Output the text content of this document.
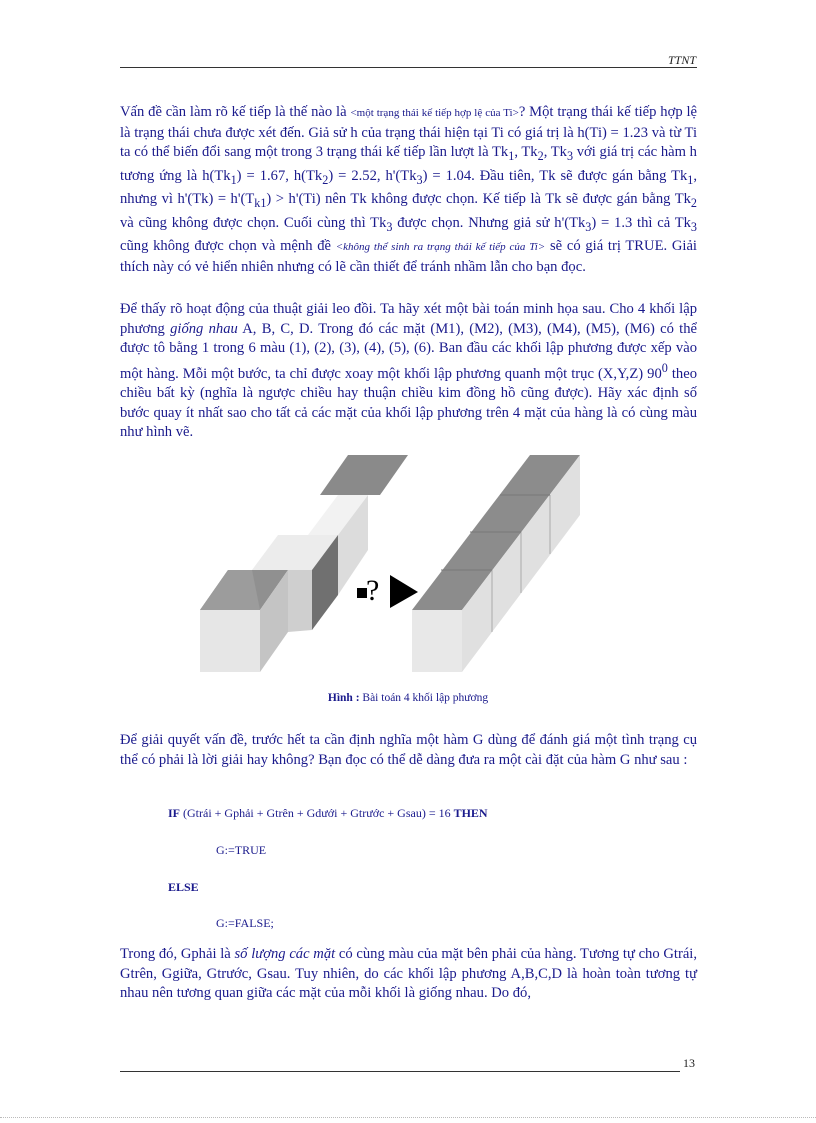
TTNT
Vấn đề cần làm rõ kế tiếp là thế nào là <một trạng thái kế tiếp hợp lệ của Ti>? Một trạng thái kế tiếp hợp lệ là trạng thái chưa được xét đến. Giả sử h của trạng thái hiện tại Ti có giá trị là h(Ti) = 1.23 và từ Ti ta có thể biến đổi sang một trong 3 trạng thái kế tiếp lần lượt là $Tk_1$, $Tk_2$, $Tk_3$ với giá trị các hàm h tương ứng là $h(Tk_1) = 1.67$, $h(Tk_2) = 2.52$, $h'(Tk_3) = 1.04$. Đầu tiên, Tk sẽ được gán bằng $Tk_1$, nhưng vì $h'(Tk) = h'(T_{k1}) > h'(Ti)$ nên Tk không được chọn. Kế tiếp là Tk sẽ được gán bằng $Tk_2$ và cũng không được chọn. Cuối cùng thì $Tk_3$ được chọn. Nhưng giả sử $h'(Tk_3) = 1.3$ thì cả $Tk_3$ cũng không được chọn và mệnh đề <không thể sinh ra trạng thái kế tiếp của Ti> sẽ có giá trị TRUE. Giải thích này có vẻ hiển nhiên nhưng có lẽ cần thiết để tránh nhầm lẫn cho bạn đọc.
Để thấy rõ hoạt động của thuật giải leo đồi. Ta hãy xét một bài toán minh họa sau. Cho 4 khối lập phương giống nhau A, B, C, D. Trong đó các mặt (M1), (M2), (M3), (M4), (M5), (M6) có thể được tô bằng 1 trong 6 màu (1), (2), (3), (4), (5), (6). Ban đầu các khối lập phương được xếp vào một hàng. Mỗi một bước, ta chỉ được xoay một khối lập phương quanh một trục (X,Y,Z) $90^0$ theo chiều bất kỳ (nghĩa là ngược chiều hay thuận chiều kim đồng hồ cũng được). Hãy xác định số bước quay ít nhất sao cho tất cả các mặt của khối lập phương trên 4 mặt của hàng là có cùng màu như hình vẽ.
?
Hình : Bài toán 4 khối lập phương
Để giải quyết vấn đề, trước hết ta cần định nghĩa một hàm G dùng để đánh giá một tình trạng cụ thể có phải là lời giải hay không? Bạn đọc có thể dễ dàng đưa ra một cài đặt của hàm G như sau :
IF (Gtrái + Gphải + Gtrên + Gdưới + Gtrước + Gsau) = 16 THEN
G:=TRUE
ELSE
G:=FALSE;
Trong đó, Gphải là số lượng các mặt có cùng màu của mặt bên phải của hàng. Tương tự cho Gtrái, Gtrên, Ggiữa, Gtrước, Gsau. Tuy nhiên, do các khối lập phương A,B,C,D là hoàn toàn tương tự nhau nên tương quan giữa các mặt của mỗi khối là giống nhau. Do đó,
13
